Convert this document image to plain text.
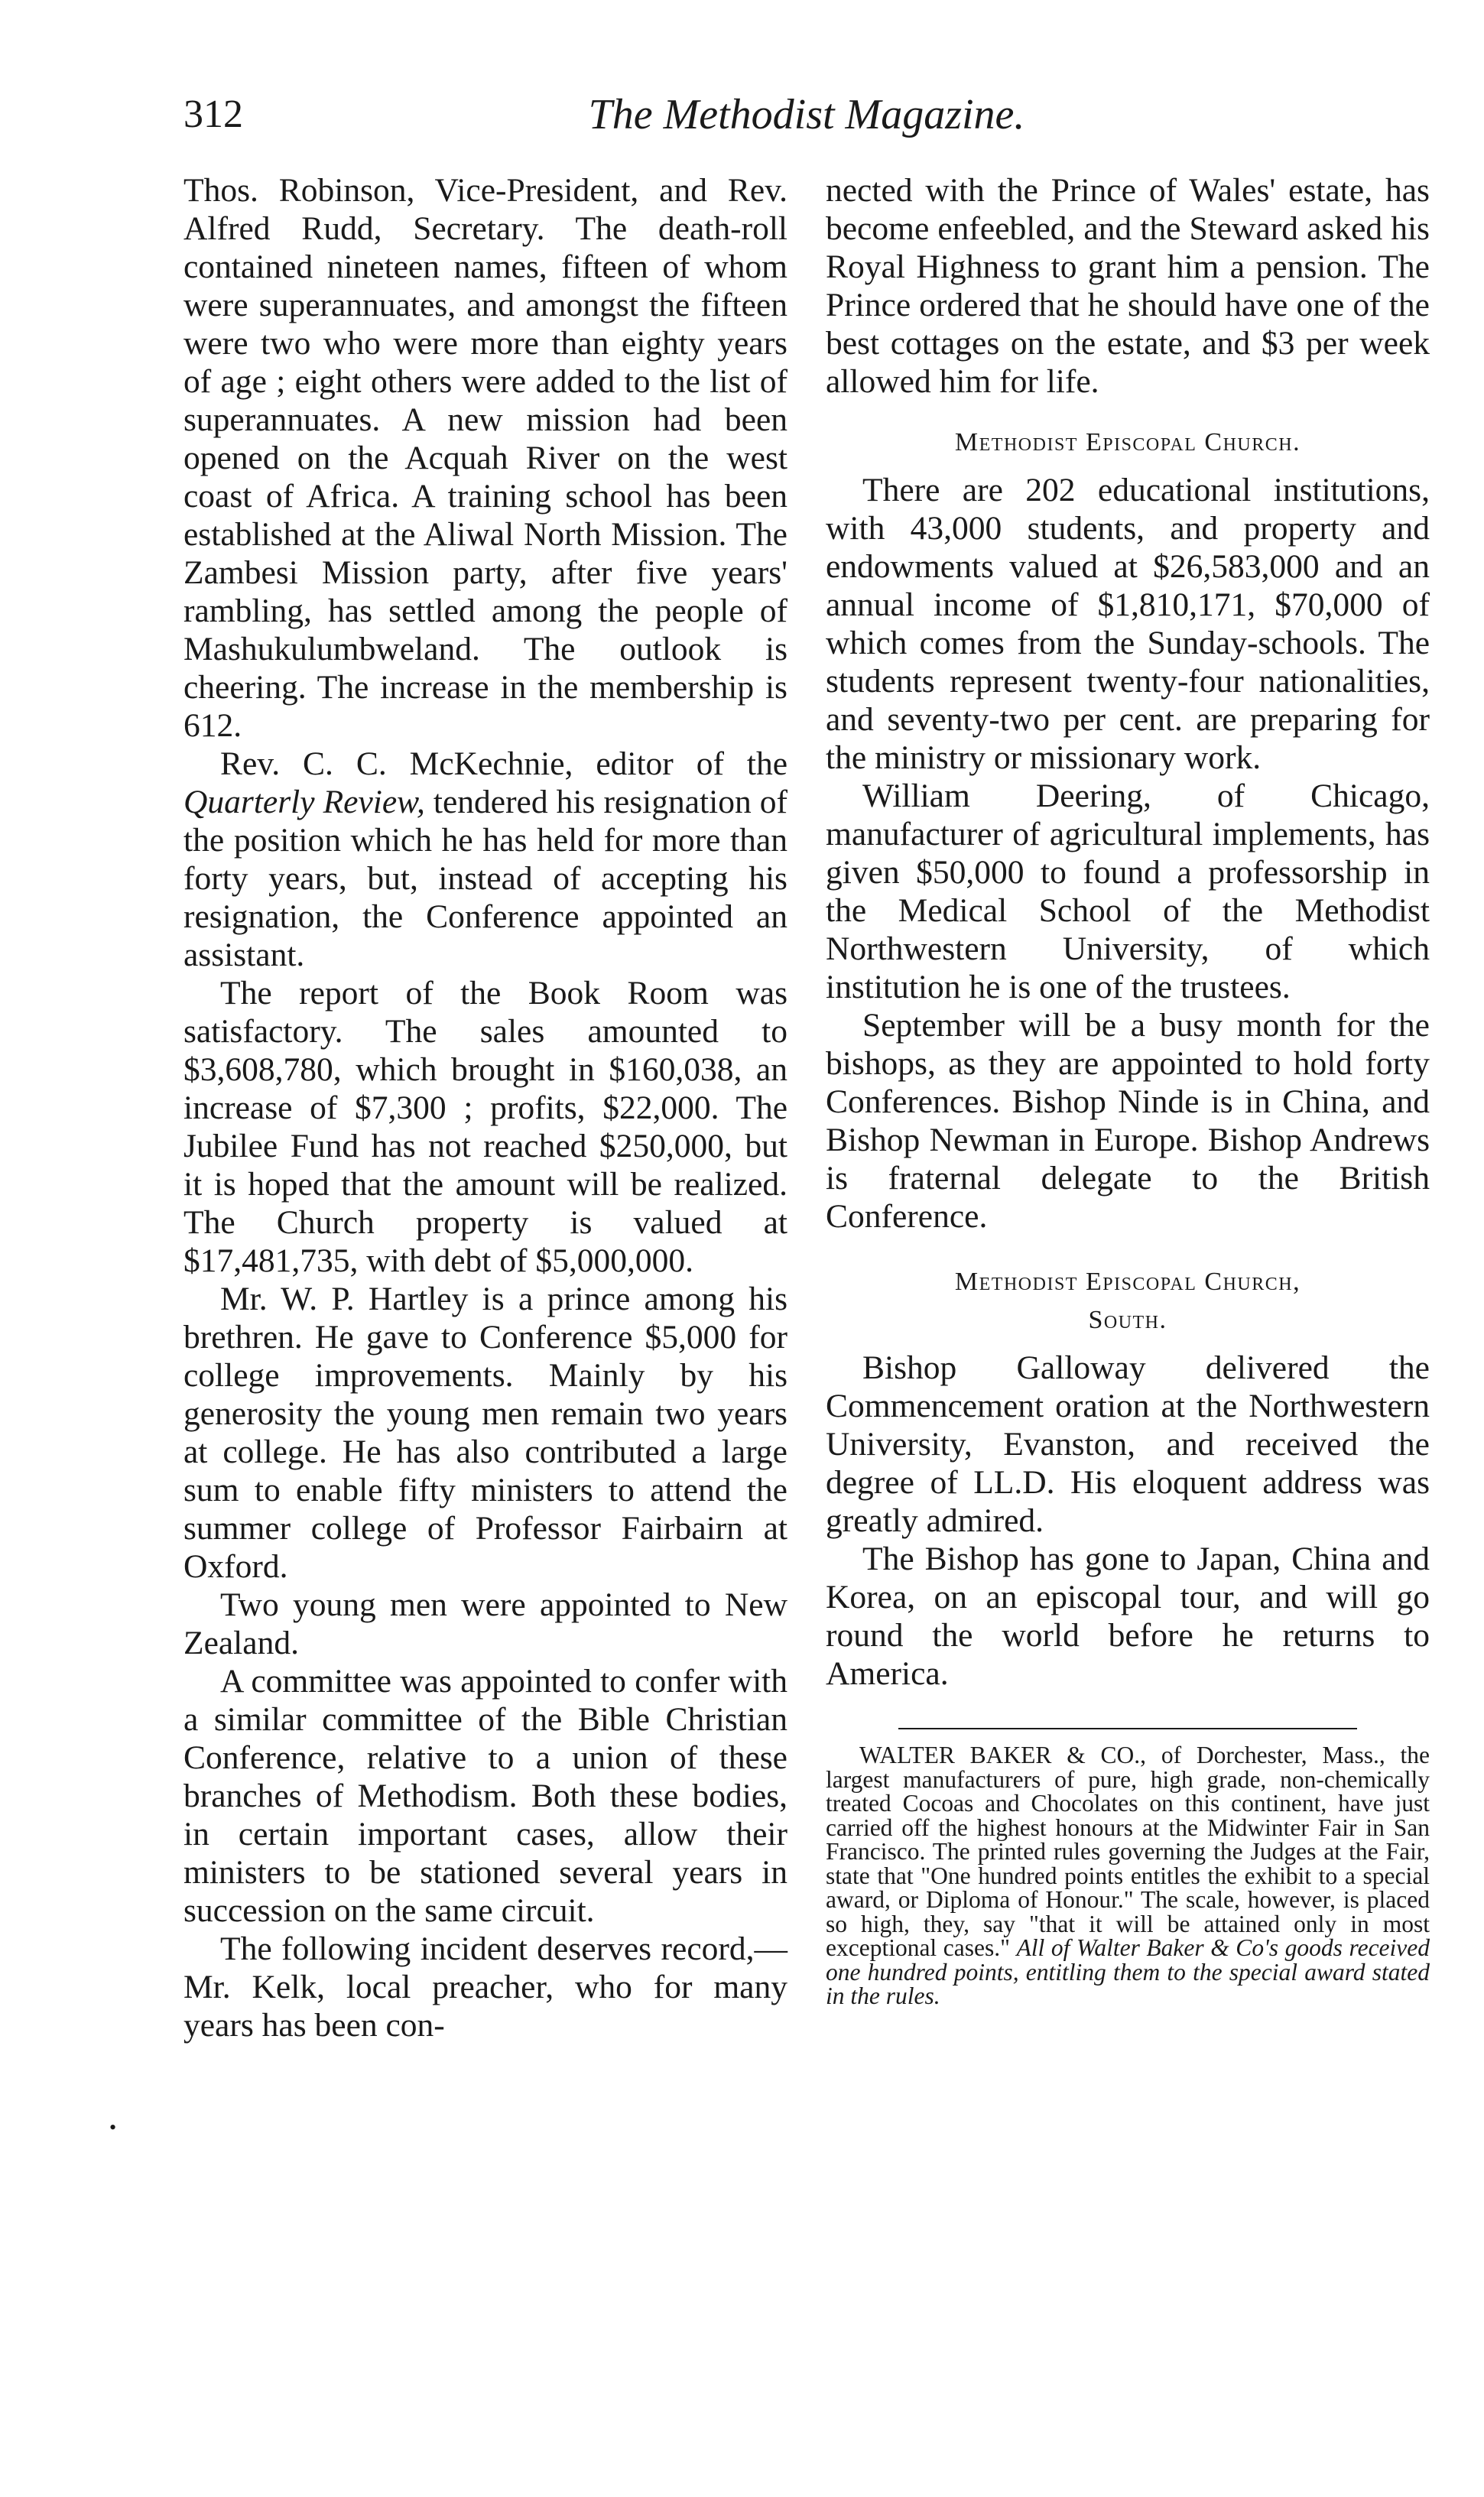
312	The Methodist Magazine.

Thos. Robinson, Vice-President, and Rev. Alfred Rudd, Secretary. The death-roll contained nineteen names, fifteen of whom were superannuates, and amongst the fifteen were two who were more than eighty years of age ; eight others were added to the list of superannuates. A new mission had been opened on the Acquah River on the west coast of Africa. A training school has been established at the Aliwal North Mission. The Zambesi Mission party, after five years' rambling, has settled among the people of Mashukulumbweland. The outlook is cheering. The increase in the membership is 612.

Rev. C. C. McKechnie, editor of the Quarterly Review, tendered his resignation of the position which he has held for more than forty years, but, instead of accepting his resignation, the Conference appointed an assistant.

The report of the Book Room was satisfactory. The sales amounted to $3,608,780, which brought in $160,038, an increase of $7,300 ; profits, $22,000. The Jubilee Fund has not reached $250,000, but it is hoped that the amount will be realized. The Church property is valued at $17,481,735, with debt of $5,000,000.

Mr. W. P. Hartley is a prince among his brethren. He gave to Conference $5,000 for college improvements. Mainly by his generosity the young men remain two years at college. He has also contributed a large sum to enable fifty ministers to attend the summer college of Professor Fairbairn at Oxford.

Two young men were appointed to New Zealand.

A committee was appointed to confer with a similar committee of the Bible Christian Conference, relative to a union of these branches of Methodism. Both these bodies, in certain important cases, allow their ministers to be stationed several years in succession on the same circuit.

The following incident deserves record,—Mr. Kelk, local preacher, who for many years has been con-

nected with the Prince of Wales' estate, has become enfeebled, and the Steward asked his Royal Highness to grant him a pension. The Prince ordered that he should have one of the best cottages on the estate, and $3 per week allowed him for life.

Methodist Episcopal Church.

There are 202 educational institutions, with 43,000 students, and property and endowments valued at $26,583,000 and an annual income of $1,810,171, $70,000 of which comes from the Sunday-schools. The students represent twenty-four nationalities, and seventy-two per cent. are preparing for the ministry or missionary work.

William Deering, of Chicago, manufacturer of agricultural implements, has given $50,000 to found a professorship in the Medical School of the Methodist Northwestern University, of which institution he is one of the trustees.

September will be a busy month for the bishops, as they are appointed to hold forty Conferences. Bishop Ninde is in China, and Bishop Newman in Europe. Bishop Andrews is fraternal delegate to the British Conference.

Methodist Episcopal Church,
South.

Bishop Galloway delivered the Commencement oration at the Northwestern University, Evanston, and received the degree of LL.D. His eloquent address was greatly admired.

The Bishop has gone to Japan, China and Korea, on an episcopal tour, and will go round the world before he returns to America.

WALTER BAKER & CO., of Dorchester, Mass., the largest manufacturers of pure, high grade, non-chemically treated Cocoas and Chocolates on this continent, have just carried off the highest honours at the Midwinter Fair in San Francisco. The printed rules governing the Judges at the Fair, state that "One hundred points entitles the exhibit to a special award, or Diploma of Honour." The scale, however, is placed so high, they, say "that it will be attained only in most exceptional cases." All of Walter Baker & Co's goods received one hundred points, entitling them to the special award stated in the rules.

•
